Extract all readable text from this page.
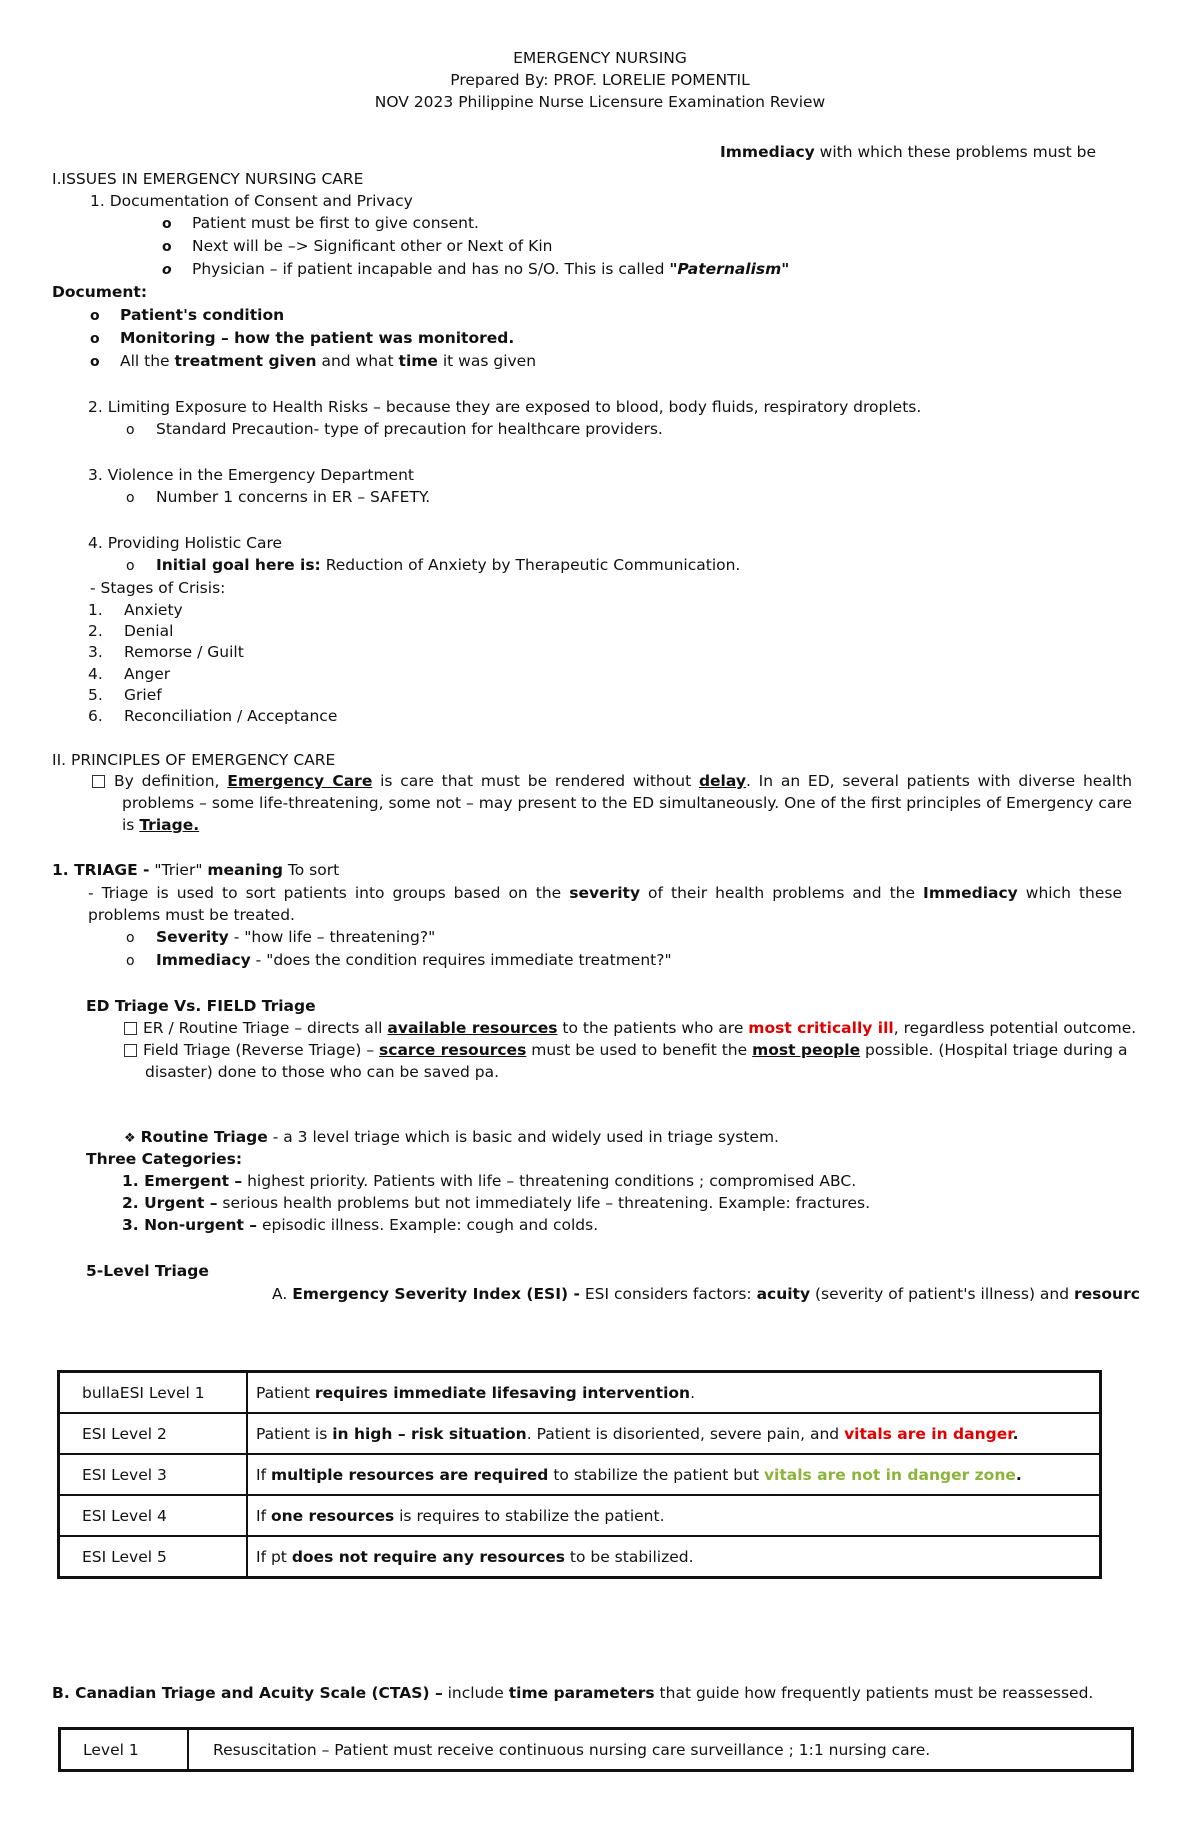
EMERGENCY NURSING
Prepared By: PROF. LORELIE POMENTIL
NOV 2023 Philippine Nurse Licensure Examination Review
Immediacy with which these problems must be
I.ISSUES IN EMERGENCY NURSING CARE
1. Documentation of Consent and Privacy
o Patient must be first to give consent.
o Next will be –> Significant other or Next of Kin
o Physician – if patient incapable and has no S/O. This is called "Paternalism"
Document:
o Patient's condition
o Monitoring – how the patient was monitored.
o All the treatment given and what time it was given
2. Limiting Exposure to Health Risks – because they are exposed to blood, body fluids, respiratory droplets.
o Standard Precaution- type of precaution for healthcare providers.
3. Violence in the Emergency Department
o Number 1 concerns in ER – SAFETY.
4. Providing Holistic Care
o Initial goal here is: Reduction of Anxiety by Therapeutic Communication.
- Stages of Crisis:
1. Anxiety
2. Denial
3. Remorse / Guilt
4. Anger
5. Grief
6. Reconciliation / Acceptance
II. PRINCIPLES OF EMERGENCY CARE
By definition, Emergency Care is care that must be rendered without delay. In an ED, several patients with diverse health problems – some life-threatening, some not – may present to the ED simultaneously. One of the first principles of Emergency care is Triage.
1. TRIAGE - "Trier" meaning To sort
- Triage is used to sort patients into groups based on the severity of their health problems and the Immediacy which these problems must be treated.
o Severity - "how life – threatening?"
o Immediacy - "does the condition requires immediate treatment?"
ED Triage Vs. FIELD Triage
ER / Routine Triage – directs all available resources to the patients who are most critically ill, regardless potential outcome.
Field Triage (Reverse Triage) – scarce resources must be used to benefit the most people possible. (Hospital triage during a
disaster) done to those who can be saved pa.
❖ Routine Triage - a 3 level triage which is basic and widely used in triage system.
Three Categories:
1. Emergent – highest priority. Patients with life – threatening conditions ; compromised ABC.
2. Urgent – serious health problems but not immediately life – threatening. Example: fractures.
3. Non-urgent – episodic illness. Example: cough and colds.
5-Level Triage
A. Emergency Severity Index (ESI) - ESI considers factors: acuity (severity of patient's illness) and resourc
bullaESI Level 1	Patient requires immediate lifesaving intervention.
ESI Level 2	Patient is in high – risk situation. Patient is disoriented, severe pain, and vitals are in danger.
ESI Level 3	If multiple resources are required to stabilize the patient but vitals are not in danger zone.
ESI Level 4	If one resources is requires to stabilize the patient.
ESI Level 5	If pt does not require any resources to be stabilized.
B. Canadian Triage and Acuity Scale (CTAS) – include time parameters that guide how frequently patients must be reassessed.
Level 1	Resuscitation – Patient must receive continuous nursing care surveillance ; 1:1 nursing care.
